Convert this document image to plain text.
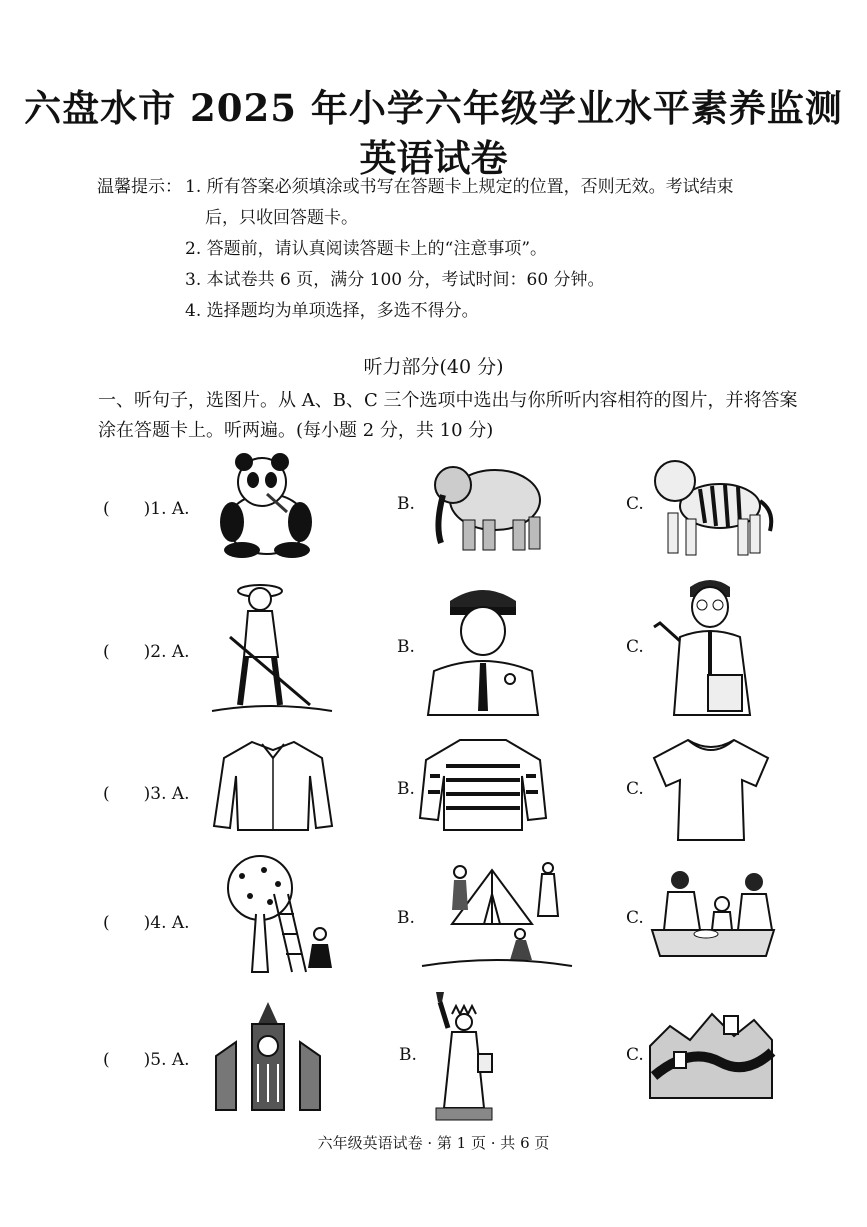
六盘水市 2025 年小学六年级学业水平素养监测
英语试卷
温馨提示： 1. 所有答案必须填涂或书写在答题卡上规定的位置，否则无效。考试结束
后，只收回答题卡。
2. 答题前，请认真阅读答题卡上的“注意事项”。
3. 本试卷共 6 页，满分 100 分，考试时间：60 分钟。
4. 选择题均为单项选择，多选不得分。
听力部分(40 分)
一、听句子，选图片。从 A、B、C 三个选项中选出与你所听内容相符的图片，并将答案
涂在答题卡上。听两遍。(每小题 2 分，共 10 分)
(　　)1. A.	B.	C.
(　　)2. A.	B.	C.
(　　)3. A.	B.	C.
(　　)4. A.	B.	C.
(　　)5. A.	B.	C.
六年级英语试卷 · 第 1 页 · 共 6 页
